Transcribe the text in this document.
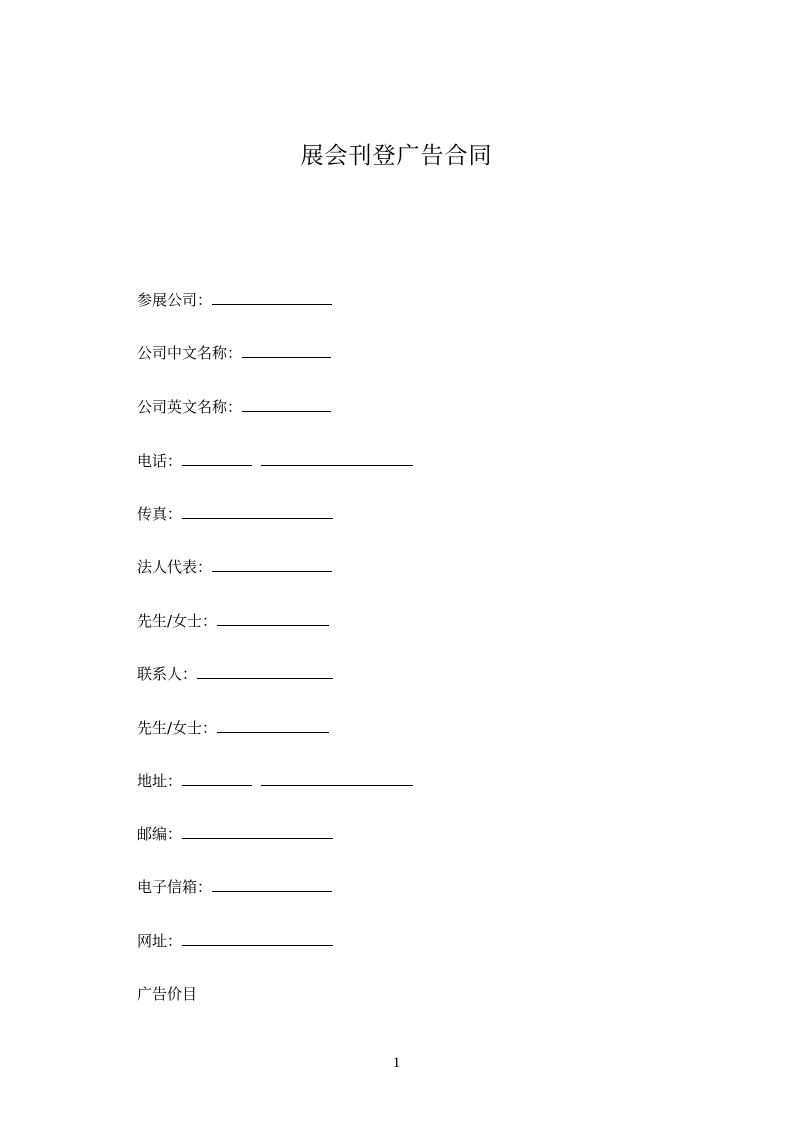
展会刊登广告合同
参展公司：
公司中文名称：
公司英文名称：
电话：
传真：
法人代表：
先生/女士：
联系人：
先生/女士：
地址：
邮编：
电子信箱：
网址：
广告价目
1
